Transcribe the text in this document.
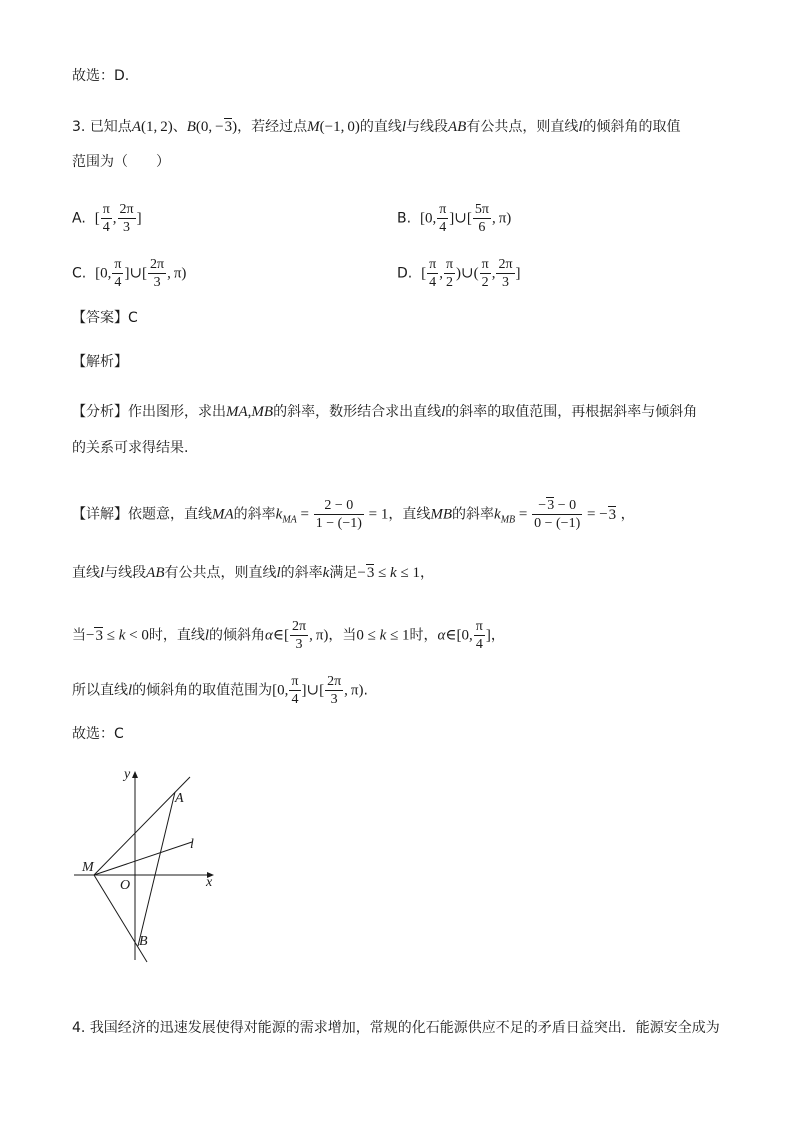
故选：D.
3. 已知点A(1, 2)、B(0, −3)，若经过点M(−1, 0)的直线l与线段AB有公共点，则直线l的倾斜角的取值
范围为（　　）
A. [ $\frac{\pi}{4}$ , $\frac{2\pi}{3}$ ]	B. [0, $\frac{\pi}{4}$ ]∪[ $\frac{5\pi}{6}$ , π)
C. [0, $\frac{\pi}{4}$ ]∪[ $\frac{2\pi}{3}$ , π)	D. [ $\frac{\pi}{4}$ , $\frac{\pi}{2}$ )∪( $\frac{\pi}{2}$ , $\frac{2\pi}{3}$ ]
【答案】C
【解析】
【分析】作出图形，求出MA,MB的斜率，数形结合求出直线l的斜率的取值范围，再根据斜率与倾斜角
的关系可求得结果.
【详解】依题意，直线MA的斜率$k_{MA} = \frac{2 - 0}{1 - (-1)} = 1$，直线MB的斜率$k_{MB} = \frac{-3 - 0}{0 - (-1)} = -3$ ，
直线l与线段AB有公共点，则直线l的斜率k满足−3 ≤ k ≤ 1，
当−3 ≤ k < 0时，直线l的倾斜角α∈[ $\frac{2\pi}{3}$ , π)，当0 ≤ k ≤ 1时，α∈[0, $\frac{\pi}{4}$ ]，
所以直线l的倾斜角的取值范围为[0, $\frac{\pi}{4}$ ]∪[ $\frac{2\pi}{3}$ , π).
故选：C
y
x
O
A
B
M
l
4. 我国经济的迅速发展使得对能源的需求增加，常规的化石能源供应不足的矛盾日益突出．能源安全成为
